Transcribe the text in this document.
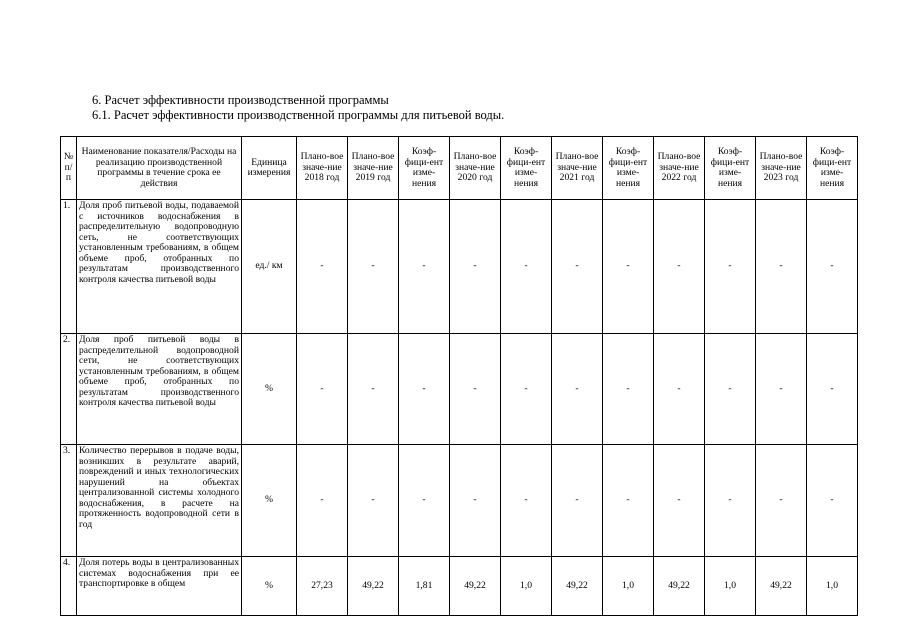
6. Расчет эффективности производственной программы
6.1. Расчет эффективности производственной программы для питьевой воды.
№ п/п	Наименование показателя/Расходы на реализацию производственной программы в течение срока ее действия	Единица измерения	Плано-вое значе-ние 2018 год	Плано-вое значе-ние 2019 год	Коэф-фици-ент изме-нения	Плано-вое значе-ние 2020 год	Коэф-фици-ент изме-нения	Плано-вое значе-ние 2021 год	Коэф-фици-ент изме-нения	Плано-вое значе-ние 2022 год	Коэф-фици-ент изме-нения	Плано-вое значе-ние 2023 год	Коэф-фици-ент изме-нения
1.	Доля проб питьевой воды, подаваемой с источников водоснабжения в распределительную водопроводную сеть, не соответствующих установленным требованиям, в общем объеме проб, отобранных по результатам производственного контроля качества питьевой воды	ед./ км	-	-	-	-	-	-	-	-	-	-	-
2.	Доля проб питьевой воды в распределительной водопроводной сети, не соответствующих установленным требованиям, в общем объеме проб, отобранных по результатам производственного контроля качества питьевой воды	%	-	-	-	-	-	-	-	-	-	-	-
3.	Количество перерывов в подаче воды, возникших в результате аварий, повреждений и иных технологических нарушений на объектах централизованной системы холодного водоснабжения, в расчете на протяженность водопроводной сети в год	%	-	-	-	-	-	-	-	-	-	-	-
4.	Доля потерь воды в централизованных системах водоснабжения при ее транспортировке в общем	%	27,23	49,22	1,81	49,22	1,0	49,22	1,0	49,22	1,0	49,22	1,0
